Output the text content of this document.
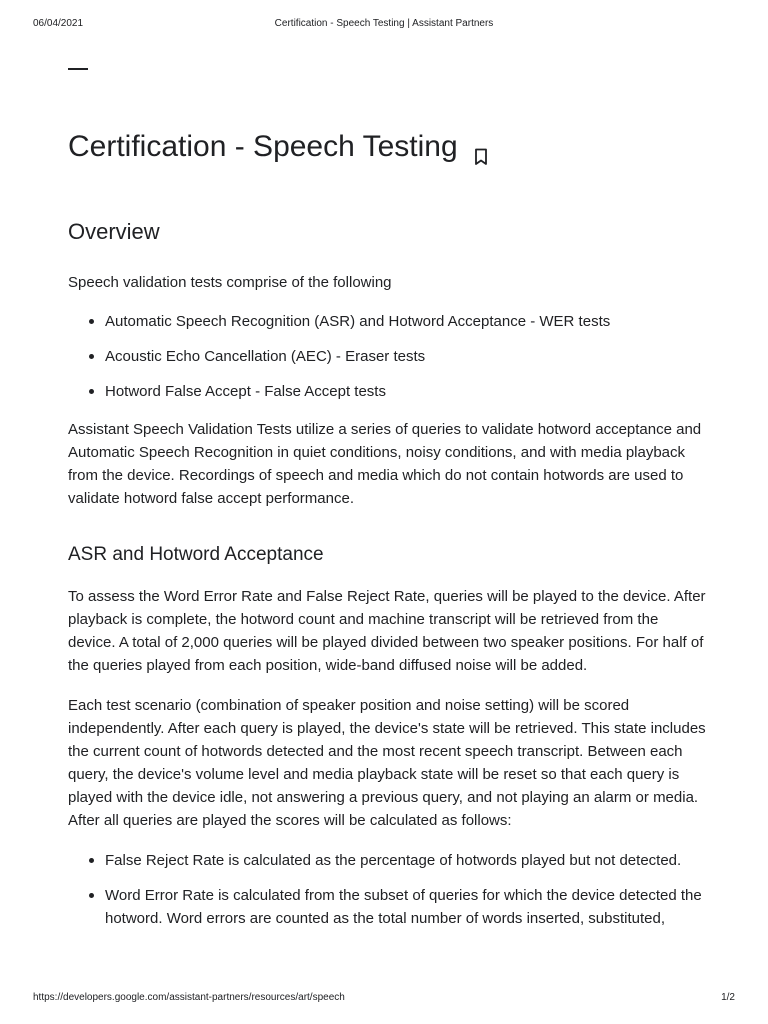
06/04/2021	Certification - Speech Testing | Assistant Partners
Certification - Speech Testing
Overview

Speech validation tests comprise of the following

Automatic Speech Recognition (ASR) and Hotword Acceptance - WER tests
Acoustic Echo Cancellation (AEC) - Eraser tests
Hotword False Accept - False Accept tests

Assistant Speech Validation Tests utilize a series of queries to validate hotword acceptance and Automatic Speech Recognition in quiet conditions, noisy conditions, and with media playback from the device. Recordings of speech and media which do not contain hotwords are used to validate hotword false accept performance.

ASR and Hotword Acceptance

To assess the Word Error Rate and False Reject Rate, queries will be played to the device. After playback is complete, the hotword count and machine transcript will be retrieved from the device. A total of 2,000 queries will be played divided between two speaker positions. For half of the queries played from each position, wide-band diffused noise will be added.

Each test scenario (combination of speaker position and noise setting) will be scored independently. After each query is played, the device's state will be retrieved. This state includes the current count of hotwords detected and the most recent speech transcript. Between each query, the device's volume level and media playback state will be reset so that each query is played with the device idle, not answering a previous query, and not playing an alarm or media. After all queries are played the scores will be calculated as follows:

False Reject Rate is calculated as the percentage of hotwords played but not detected.
Word Error Rate is calculated from the subset of queries for which the device detected the hotword. Word errors are counted as the total number of words inserted, substituted,
https://developers.google.com/assistant-partners/resources/art/speech	1/2
